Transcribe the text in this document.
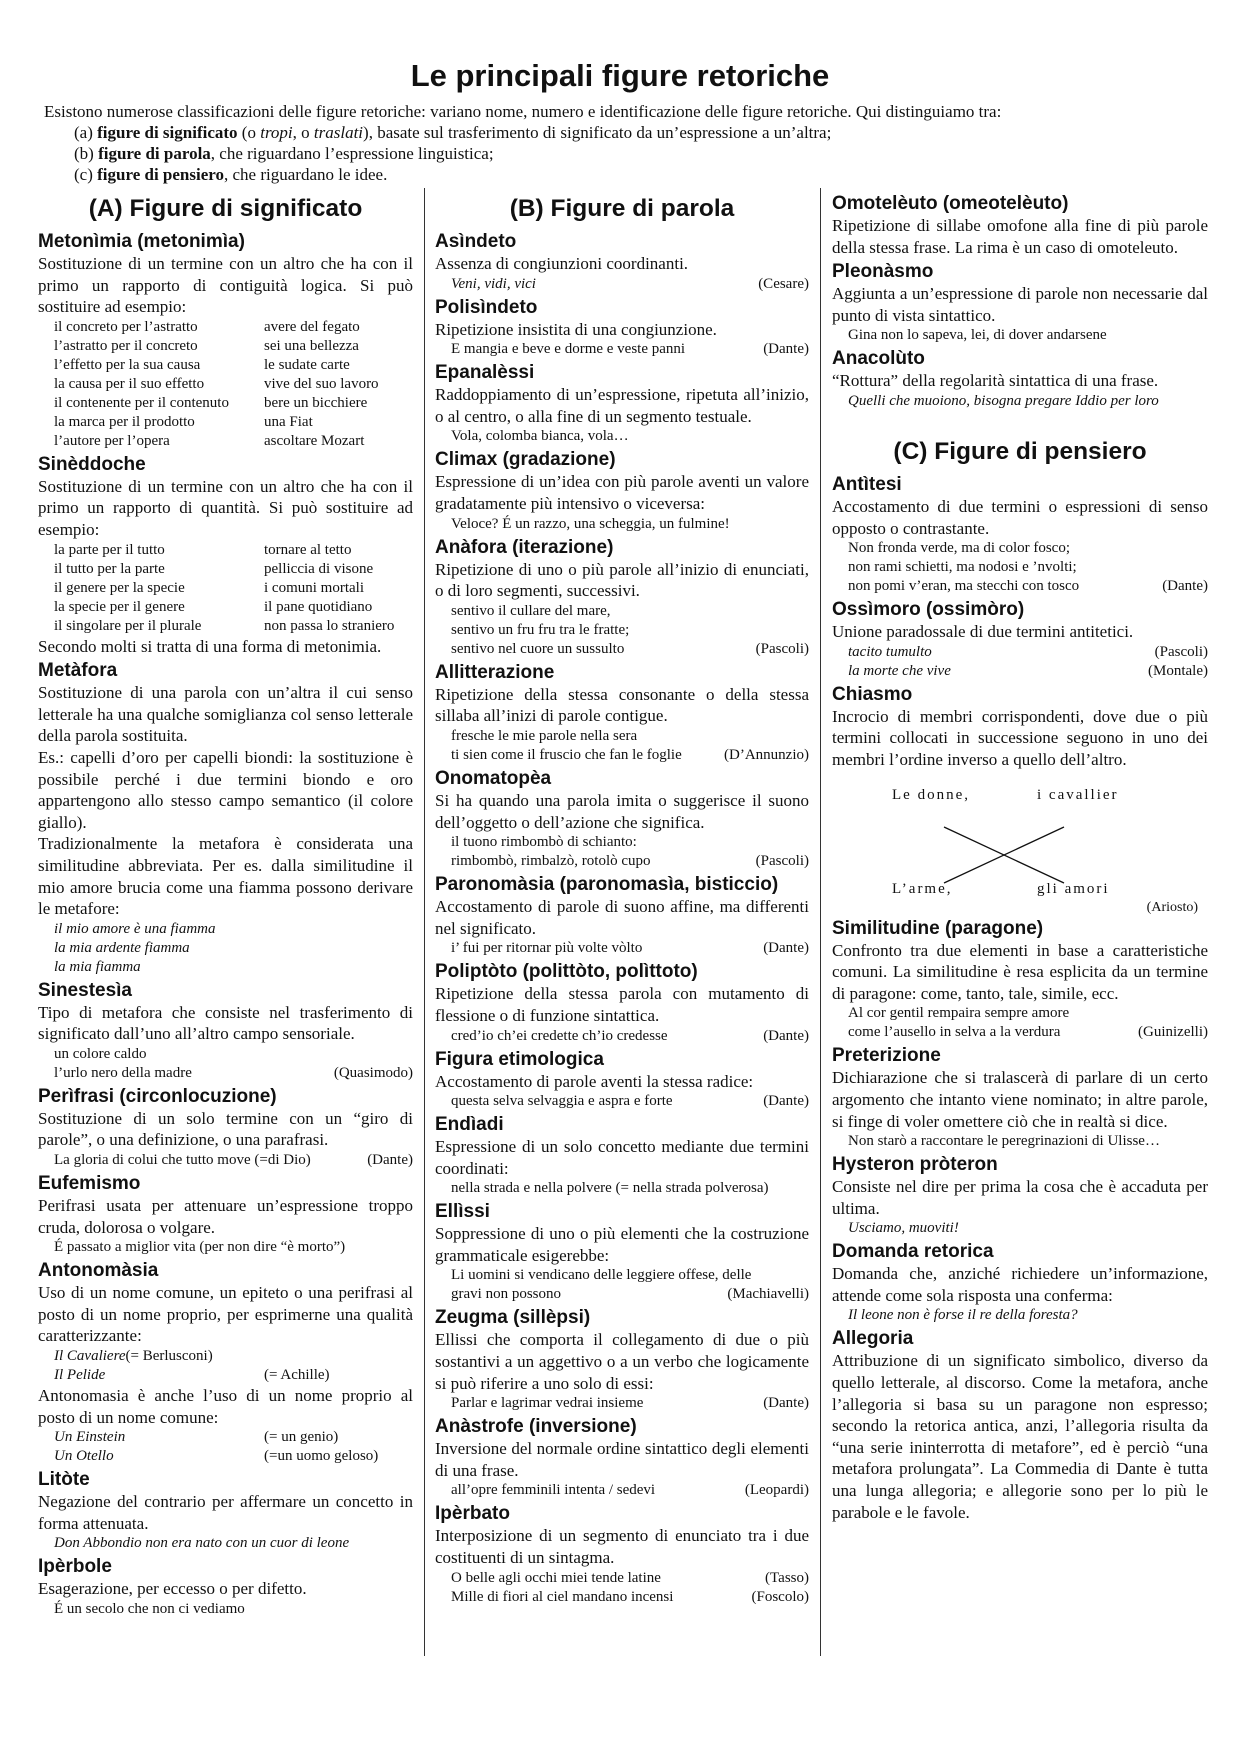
Le principali figure retoriche
Esistono numerose classificazioni delle figure retoriche: variano nome, numero e identificazione delle figure retoriche. Qui distinguiamo tra:
(a) figure di significato (o tropi, o traslati), basate sul trasferimento di significato da un’espressione a un’altra;
(b) figure di parola, che riguardano l’espressione linguistica;
(c) figure di pensiero, che riguardano le idee.
(A) Figure di significato
Metonìmia (metonimìa)
Sostituzione di un termine con un altro che ha con il primo un rapporto di contiguità logica. Si può sostituire ad esempio:
il concreto per l’astratto	avere del fegato
l’astratto per il concreto	sei una bellezza
l’effetto per la sua causa	le sudate carte
la causa per il suo effetto	vive del suo lavoro
il contenente per il contenuto	bere un bicchiere
la marca per il prodotto	una Fiat
l’autore per l’opera	ascoltare Mozart
Sinèddoche
Sostituzione di un termine con un altro che ha con il primo un rapporto di quantità. Si può sostituire ad esempio:
la parte per il tutto	tornare al tetto
il tutto per la parte	pelliccia di visone
il genere per la specie	i comuni mortali
la specie per il genere	il pane quotidiano
il singolare per il plurale	non passa lo straniero
Secondo molti si tratta di una forma di metonimia.
Metàfora
Sostituzione di una parola con un’altra il cui senso letterale ha una qualche somiglianza col senso letterale della parola sostituita.
Es.: capelli d’oro per capelli biondi: la sostituzione è possibile perché i due termini biondo e oro appartengono allo stesso campo semantico (il colore giallo).
Tradizionalmente la metafora è considerata una similitudine abbreviata. Per es. dalla similitudine il mio amore brucia come una fiamma possono derivare le metafore:
il mio amore è una fiamma
la mia ardente fiamma
la mia fiamma
Sinestesìa
Tipo di metafora che consiste nel trasferimento di significato dall’uno all’altro campo sensoriale.
un colore caldo
l’urlo nero della madre	(Quasimodo)
Perìfrasi (circonlocuzione)
Sostituzione di un solo termine con un “giro di parole”, o una definizione, o una parafrasi.
La gloria di colui che tutto move (=di Dio)	(Dante)
Eufemismo
Perifrasi usata per attenuare un’espressione troppo cruda, dolorosa o volgare.
É passato a miglior vita (per non dire “è morto”)
Antonomàsia
Uso di un nome comune, un epiteto o una perifrasi al posto di un nome proprio, per esprimerne una qualità caratterizzante:
Il Cavaliere (= Berlusconi)
Il Pelide	(= Achille)
Antonomasia è anche l’uso di un nome proprio al posto di un nome comune:
Un Einstein	(= un genio)
Un Otello	(=un uomo geloso)
Litòte
Negazione del contrario per affermare un concetto in forma attenuata.
Don Abbondio non era nato con un cuor di leone
Ipèrbole
Esagerazione, per eccesso o per difetto.
É un secolo che non ci vediamo
(B) Figure di parola
Asìndeto
Assenza di congiunzioni coordinanti.
Veni, vidi, vici	(Cesare)
Polisìndeto
Ripetizione insistita di una congiunzione.
E mangia e beve e dorme e veste panni	(Dante)
Epanalèssi
Raddoppiamento di un’espressione, ripetuta all’inizio, o al centro, o alla fine di un segmento testuale.
Vola, colomba bianca, vola…
Climax (gradazione)
Espressione di un’idea con più parole aventi un valore gradatamente più intensivo o viceversa:
Veloce? É un razzo, una scheggia, un fulmine!
Anàfora (iterazione)
Ripetizione di uno o più parole all’inizio di enunciati, o di loro segmenti, successivi.
sentivo il cullare del mare,
sentivo un fru fru tra le fratte;
sentivo nel cuore un sussulto	(Pascoli)
Allitterazione
Ripetizione della stessa consonante o della stessa sillaba all’inizi di parole contigue.
fresche le mie parole nella sera
ti sien come il fruscio che fan le foglie	(D’Annunzio)
Onomatopèa
Si ha quando una parola imita o suggerisce il suono dell’oggetto o dell’azione che significa.
il tuono rimbombò di schianto:
rimbombò, rimbalzò, rotolò cupo	(Pascoli)
Paronomàsia (paronomasìa, bisticcio)
Accostamento di parole di suono affine, ma differenti nel significato.
i’ fui per ritornar più volte vòlto	(Dante)
Poliptòto (polittòto, polìttoto)
Ripetizione della stessa parola con mutamento di flessione o di funzione sintattica.
cred’io ch’ei credette ch’io credesse	(Dante)
Figura etimologica
Accostamento di parole aventi la stessa radice:
questa selva selvaggia e aspra e forte	(Dante)
Endìadi
Espressione di un solo concetto mediante due termini coordinati:
nella strada e nella polvere (= nella strada polverosa)
Ellìssi
Soppressione di uno o più elementi che la costruzione grammaticale esigerebbe:
Li uomini si vendicano delle leggiere offese, delle
gravi non possono	(Machiavelli)
Zeugma (sillèpsi)
Ellissi che comporta il collegamento di due o più sostantivi a un aggettivo o a un verbo che logicamente si può riferire a uno solo di essi:
Parlar e lagrimar vedrai insieme	(Dante)
Anàstrofe (inversione)
Inversione del normale ordine sintattico degli elementi di una frase.
all’opre femminili intenta / sedevi	(Leopardi)
Ipèrbato
Interposizione di un segmento di enunciato tra i due costituenti di un sintagma.
O belle agli occhi miei tende latine	(Tasso)
Mille di fiori al ciel mandano incensi	(Foscolo)
Omotelèuto (omeotelèuto)
Ripetizione di sillabe omofone alla fine di più parole della stessa frase. La rima è un caso di omoteleuto.
Pleonàsmo
Aggiunta a un’espressione di parole non necessarie dal punto di vista sintattico.
Gina non lo sapeva, lei, di dover andarsene
Anacolùto
“Rottura” della regolarità sintattica di una frase.
Quelli che muoiono, bisogna pregare Iddio per loro
(C) Figure di pensiero
Antìtesi
Accostamento di due termini o espressioni di senso opposto o contrastante.
Non fronda verde, ma di color fosco;
non rami schietti, ma nodosi e ’nvolti;
non pomi v’eran, ma stecchi con tosco	(Dante)
Ossìmoro (ossimòro)
Unione paradossale di due termini antitetici.
tacito tumulto	(Pascoli)
la morte che vive	(Montale)
Chiasmo
Incrocio di membri corrispondenti, dove due o più termini collocati in successione seguono in uno dei membri l’ordine inverso a quello dell’altro.
Le donne,	i cavallier
L’arme,	gli amori
(Ariosto)
Similitudine (paragone)
Confronto tra due elementi in base a caratteristiche comuni. La similitudine è resa esplicita da un termine di paragone: come, tanto, tale, simile, ecc.
Al cor gentil rempaira sempre amore
come l’ausello in selva a la verdura	(Guinizelli)
Preterizione
Dichiarazione che si tralascerà di parlare di un certo argomento che intanto viene nominato; in altre parole, si finge di voler omettere ciò che in realtà si dice.
Non starò a raccontare le peregrinazioni di Ulisse…
Hysteron pròteron
Consiste nel dire per prima la cosa che è accaduta per ultima.
Usciamo, muoviti!
Domanda retorica
Domanda che, anziché richiedere un’informazione, attende come sola risposta una conferma:
Il leone non è forse il re della foresta?
Allegoria
Attribuzione di un significato simbolico, diverso da quello letterale, al discorso. Come la metafora, anche l’allegoria si basa su un paragone non espresso; secondo la retorica antica, anzi, l’allegoria risulta da “una serie ininterrotta di metafore”, ed è perciò “una metafora prolungata”. La Commedia di Dante è tutta una lunga allegoria; e allegorie sono per lo più le parabole e le favole.
